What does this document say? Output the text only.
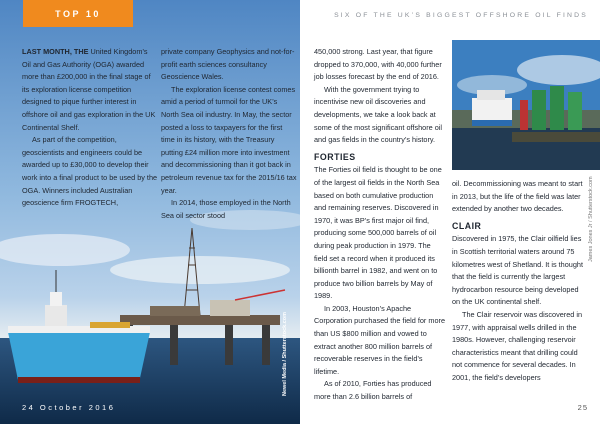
TOP 10

LAST MONTH, THE United Kingdom’s Oil and Gas Authority (OGA) awarded more than £200,000 in the final stage of its exploration license competition designed to pique further interest in offshore oil and gas exploration in the UK Continental Shelf.

As part of the competition, geoscientists and engineers could be awarded up to £30,000 to develop their work into a final product to be used by the OGA. Winners included Australian geoscience firm FROGTECH,

private company Geophysics and not-for-profit earth sciences consultancy Geoscience Wales.

The exploration license contest comes amid a period of turmoil for the UK’s North Sea oil industry. In May, the sector posted a loss to taxpayers for the first time in its history, with the Treasury putting £24 million more into investment and decommissioning than it got back in petroleum revenue tax for the 2015/16 tax year.

In 2014, those employed in the North Sea oil sector stood

24 October 2016
Newel Media / Shutterstock.com
SIX OF THE UK’S BIGGEST OFFSHORE OIL FINDS

450,000 strong. Last year, that figure dropped to 370,000, with 40,000 further job losses forecast by the end of 2016.

With the government trying to incentivise new oil discoveries and developments, we take a look back at some of the most significant offshore oil and gas fields in the country’s history.

FORTIES

The Forties oil field is thought to be one of the largest oil fields in the North Sea based on both cumulative production and remaining reserves. Discovered in 1970, it was BP’s first major oil find, producing some 500,000 barrels of oil during peak production in 1979. The field set a record when it produced its billionth barrel in 1982, and went on to produce two billion barrels by May of 1989.

In 2003, Houston’s Apache Corporation purchased the field for more than US $800 million and vowed to extract another 800 million barrels of recoverable reserves in the field’s lifetime.

As of 2010, Forties has produced more than 2.6 billion barrels of

oil. Decommissioning was meant to start in 2013, but the life of the field was later extended by another two decades.

CLAIR

Discovered in 1975, the Clair oilfield lies in Scottish territorial waters around 75 kilometres west of Shetland. It is thought that the field is currently the largest hydrocarbon resource being developed on the UK continental shelf.

The Clair reservoir was discovered in 1977, with appraisal wells drilled in the 1980s. However, challenging reservoir characteristics meant that drilling could not commence for several decades. In 2001, the field’s developers

James Jones Jr / Shutterstock.com
25
